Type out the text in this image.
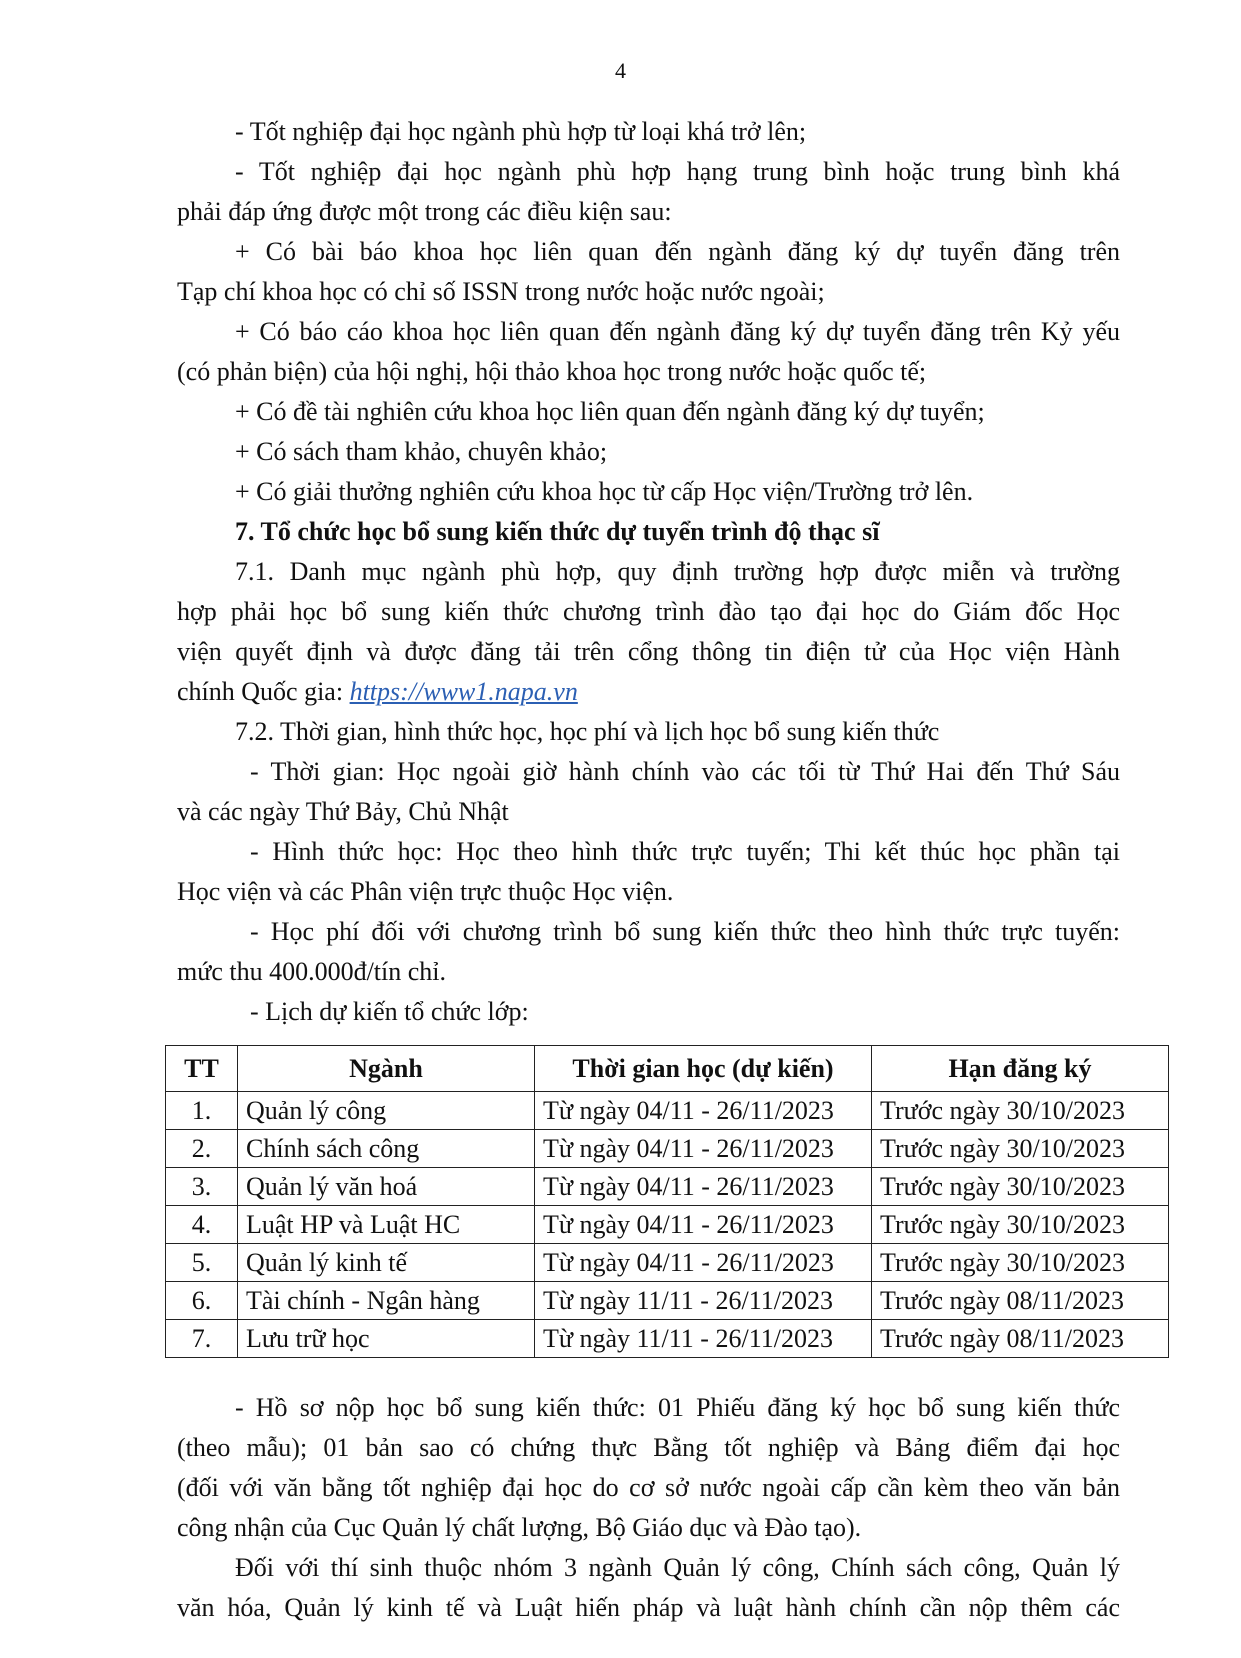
4
- Tốt nghiệp đại học ngành phù hợp từ loại khá trở lên;
- Tốt nghiệp đại học ngành phù hợp hạng trung bình hoặc trung bình khá
phải đáp ứng được một trong các điều kiện sau:
+ Có bài báo khoa học liên quan đến ngành đăng ký dự tuyển đăng trên
Tạp chí khoa học có chỉ số ISSN trong nước hoặc nước ngoài;
+ Có báo cáo khoa học liên quan đến ngành đăng ký dự tuyển đăng trên Kỷ yếu
(có phản biện) của hội nghị, hội thảo khoa học trong nước hoặc quốc tế;
+ Có đề tài nghiên cứu khoa học liên quan đến ngành đăng ký dự tuyển;
+ Có sách tham khảo, chuyên khảo;
+ Có giải thưởng nghiên cứu khoa học từ cấp Học viện/Trường trở lên.
7. Tổ chức học bổ sung kiến thức dự tuyển trình độ thạc sĩ
7.1. Danh mục ngành phù hợp, quy định trường hợp được miễn và trường
hợp phải học bổ sung kiến thức chương trình đào tạo đại học do Giám đốc Học
viện quyết định và được đăng tải trên cổng thông tin điện tử của Học viện Hành
chính Quốc gia: https://www1.napa.vn
7.2. Thời gian, hình thức học, học phí và lịch học bổ sung kiến thức
- Thời gian: Học ngoài giờ hành chính vào các tối từ Thứ Hai đến Thứ Sáu
và các ngày Thứ Bảy, Chủ Nhật
- Hình thức học: Học theo hình thức trực tuyến; Thi kết thúc học phần tại
Học viện và các Phân viện trực thuộc Học viện.
- Học phí đối với chương trình bổ sung kiến thức theo hình thức trực tuyến:
mức thu 400.000đ/tín chỉ.
- Lịch dự kiến tổ chức lớp:
TT	Ngành	Thời gian học (dự kiến)	Hạn đăng ký
1.	Quản lý công	Từ ngày 04/11 - 26/11/2023	Trước ngày 30/10/2023
2.	Chính sách công	Từ ngày 04/11 - 26/11/2023	Trước ngày 30/10/2023
3.	Quản lý văn hoá	Từ ngày 04/11 - 26/11/2023	Trước ngày 30/10/2023
4.	Luật HP và Luật HC	Từ ngày 04/11 - 26/11/2023	Trước ngày 30/10/2023
5.	Quản lý kinh tế	Từ ngày 04/11 - 26/11/2023	Trước ngày 30/10/2023
6.	Tài chính - Ngân hàng	Từ ngày 11/11 - 26/11/2023	Trước ngày 08/11/2023
7.	Lưu trữ học	Từ ngày 11/11 - 26/11/2023	Trước ngày 08/11/2023
- Hồ sơ nộp học bổ sung kiến thức: 01 Phiếu đăng ký học bổ sung kiến thức
(theo mẫu); 01 bản sao có chứng thực Bằng tốt nghiệp và Bảng điểm đại học
(đối với văn bằng tốt nghiệp đại học do cơ sở nước ngoài cấp cần kèm theo văn bản
công nhận của Cục Quản lý chất lượng, Bộ Giáo dục và Đào tạo).
Đối với thí sinh thuộc nhóm 3 ngành Quản lý công, Chính sách công, Quản lý
văn hóa, Quản lý kinh tế và Luật hiến pháp và luật hành chính cần nộp thêm các
